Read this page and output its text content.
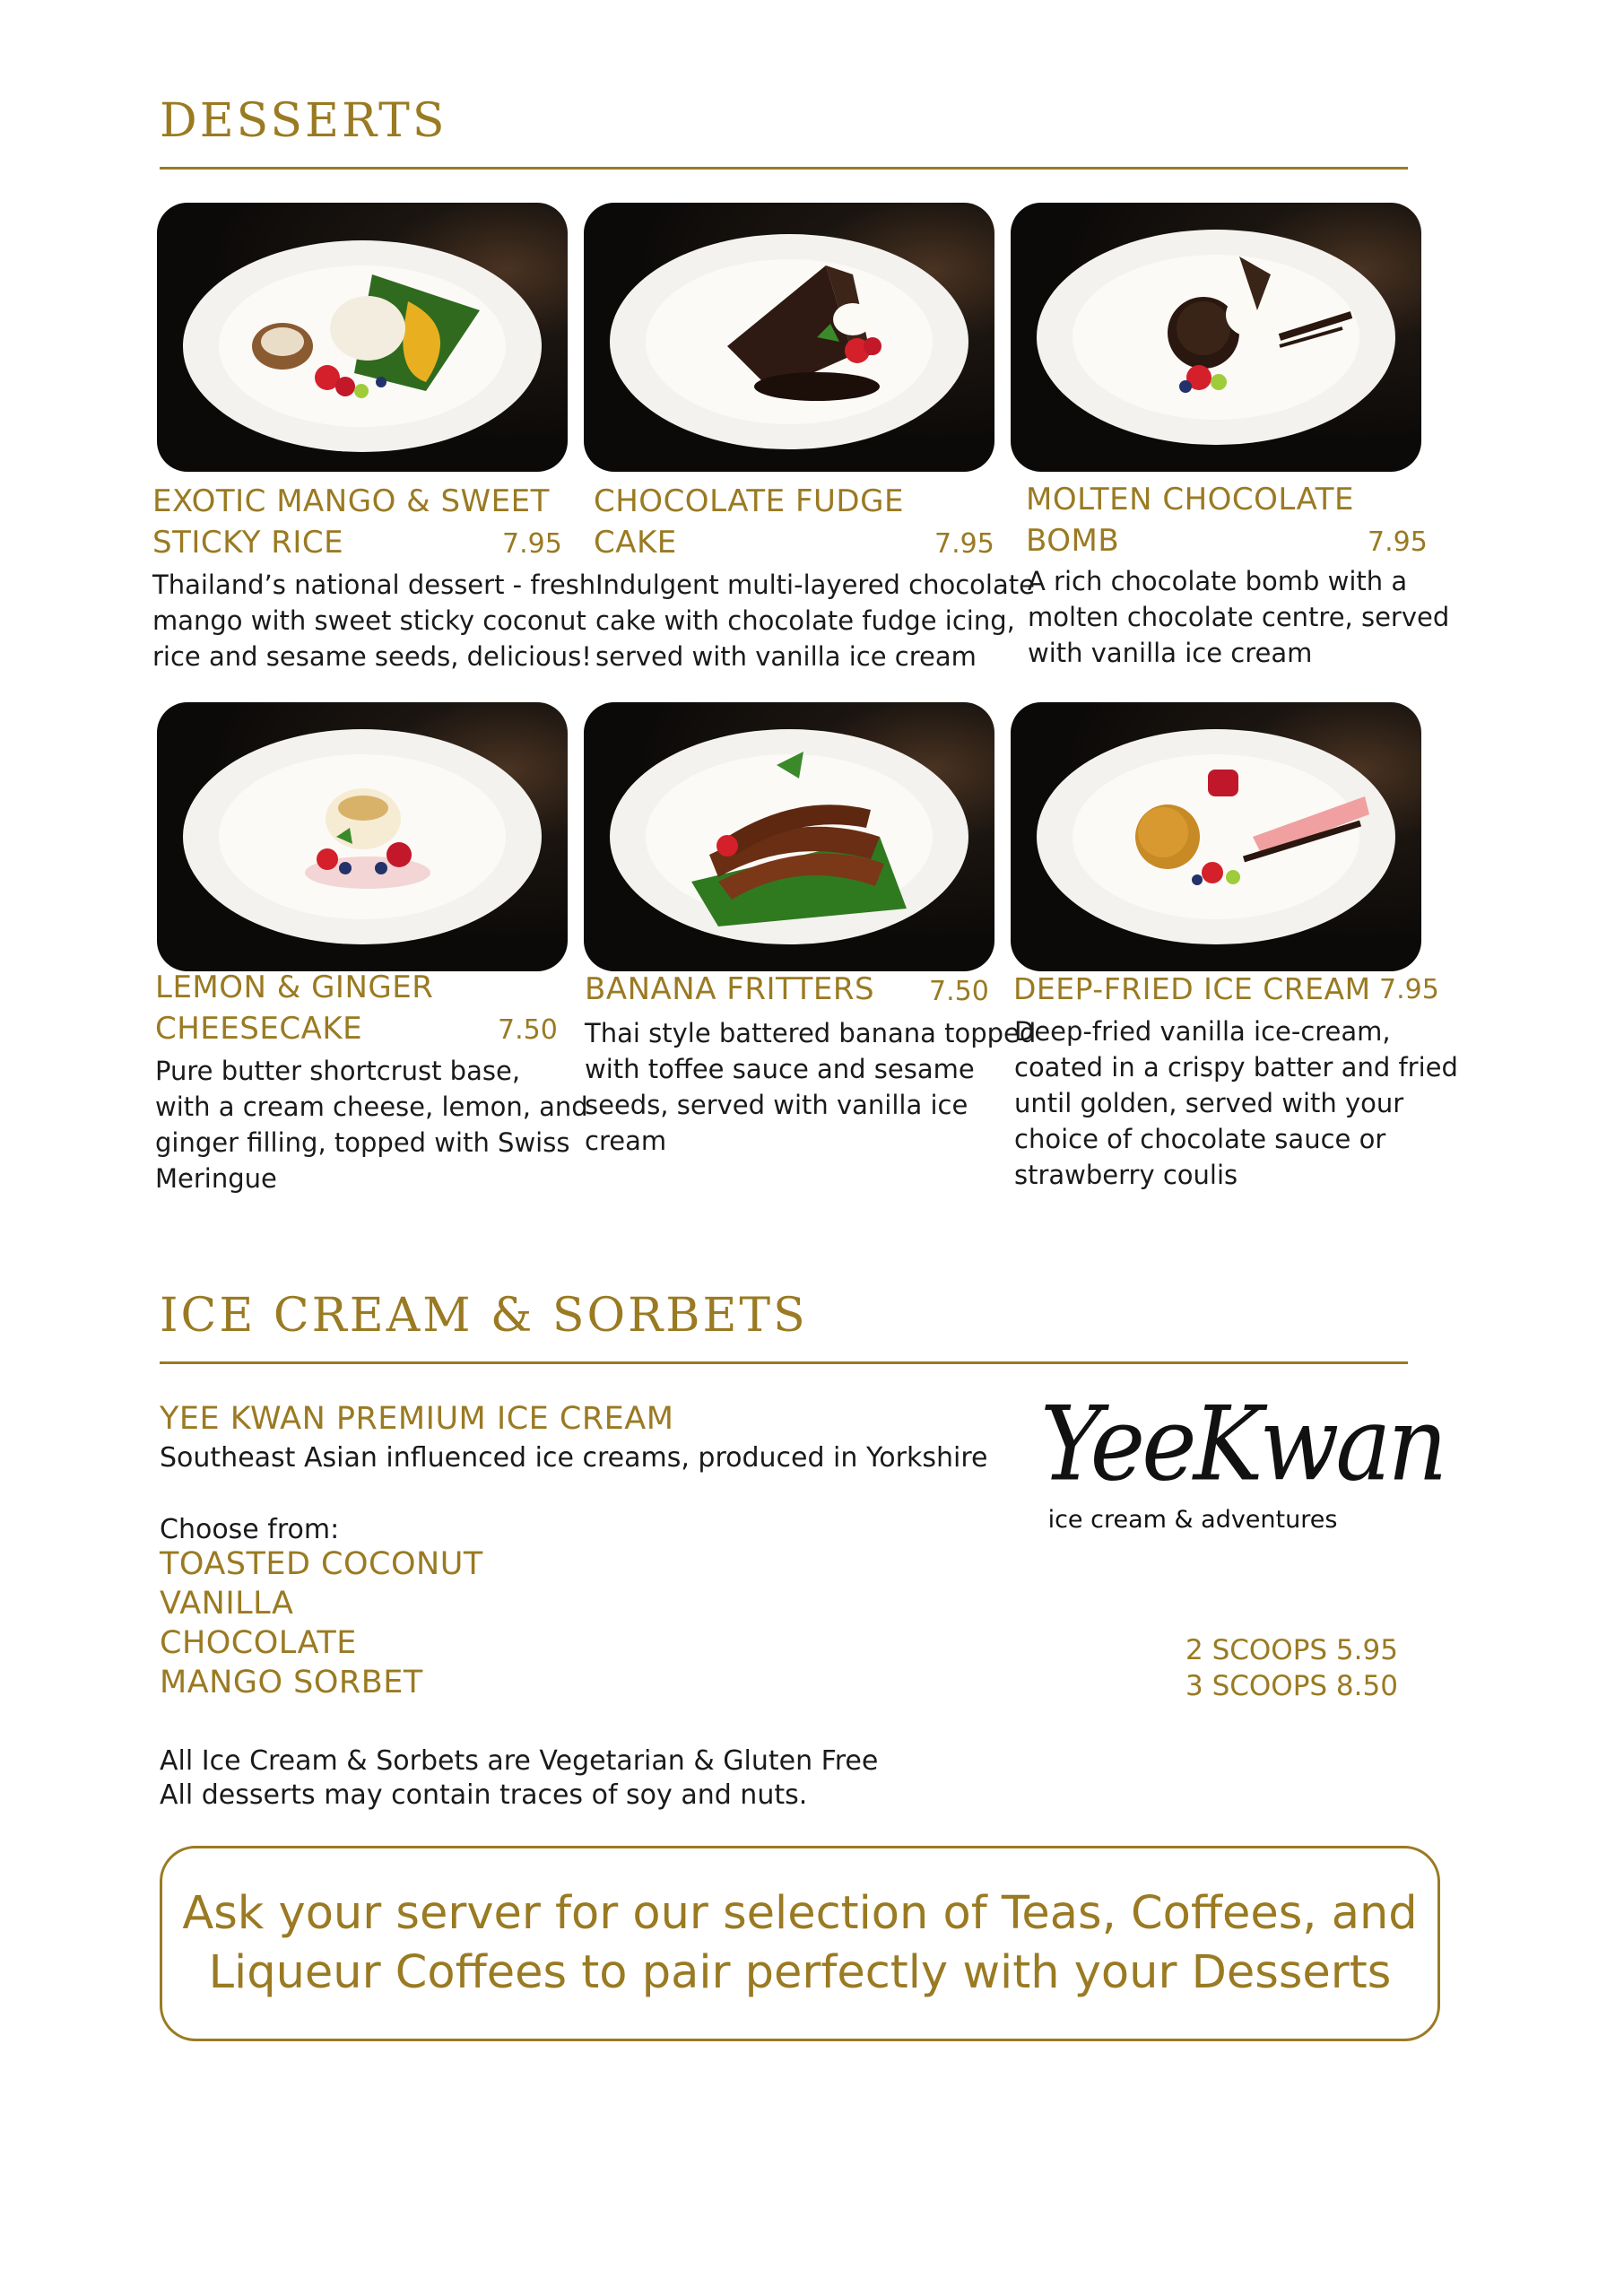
DESSERTS
EXOTIC MANGO & SWEET
STICKY RICE	7.95
Thailand’s national dessert - fresh
mango with sweet sticky coconut
rice and sesame seeds, delicious!
CHOCOLATE FUDGE
CAKE	7.95
Indulgent multi-layered chocolate
cake with chocolate fudge icing,
served with vanilla ice cream
MOLTEN CHOCOLATE
BOMB	7.95
A rich chocolate bomb with a
molten chocolate centre, served
with vanilla ice cream
LEMON & GINGER
CHEESECAKE	7.50
Pure butter shortcrust base,
with a cream cheese, lemon, and
ginger filling, topped with Swiss
Meringue
BANANA FRITTERS 7.50
Thai style battered banana topped
with toffee sauce and sesame
seeds, served with vanilla ice
cream
DEEP-FRIED ICE CREAM 7.95
Deep-fried vanilla ice-cream,
coated in a crispy batter and fried
until golden, served with your
choice of chocolate sauce or
strawberry coulis
ICE CREAM & SORBETS
YEE KWAN PREMIUM ICE CREAM
Southeast Asian influenced ice creams, produced in Yorkshire
Choose from:
TOASTED COCONUT
VANILLA
CHOCOLATE
MANGO SORBET
YeeKwan
ice cream & adventures
2 SCOOPS 5.95
3 SCOOPS 8.50
All Ice Cream & Sorbets are Vegetarian & Gluten Free
All desserts may contain traces of soy and nuts.

Ask your server for our selection of Teas, Coffees, and
Liqueur Coffees to pair perfectly with your Desserts
